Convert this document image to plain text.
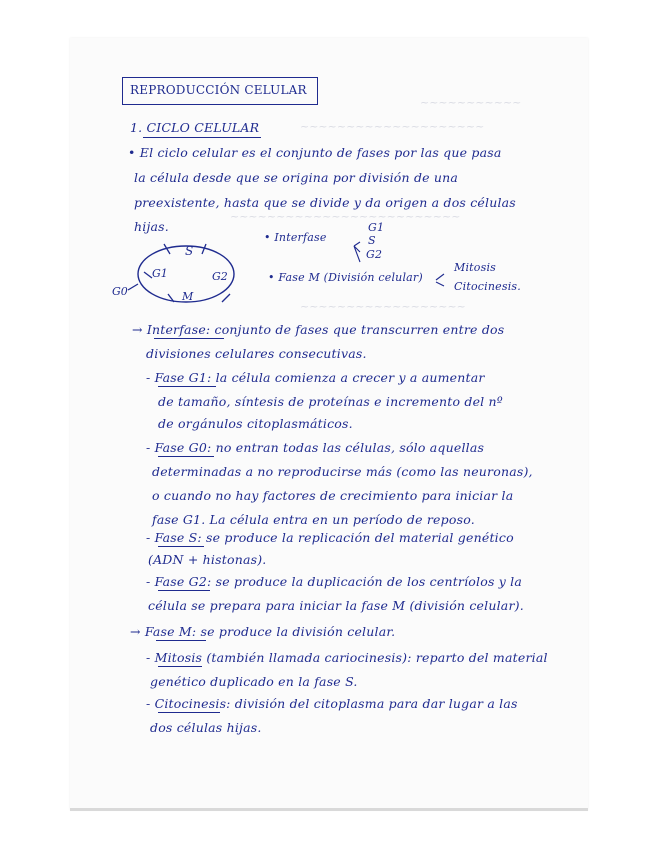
~~~~~~~~~~~
~~~~~~~~~~~~~~~~~~~~
~~~~~~~~~~~~~~~~~~~~~~~~~
~~~~~~~~~~~~~~~~~~
REPRODUCCIÓN CELULAR
1. CICLO CELULAR
• El ciclo celular es el conjunto de fases por las que pasa
la célula desde que se origina por división de una
preexistente, hasta que se divide y da origen a dos células
hijas.
S
G1	G2
M
G0
• Interfase
G1
S
G2
• Fase M (División celular)
Mitosis
Citocinesis.
→ Interfase: conjunto de fases que transcurren entre dos
divisiones celulares consecutivas.
- Fase G1: la célula comienza a crecer y a aumentar
de tamaño, síntesis de proteínas e incremento del nº
de orgánulos citoplasmáticos.
- Fase G0: no entran todas las células, sólo aquellas
determinadas a no reproducirse más (como las neuronas),
o cuando no hay factores de crecimiento para iniciar la
fase G1. La célula entra en un período de reposo.
- Fase S: se produce la replicación del material genético
(ADN + histonas).
- Fase G2: se produce la duplicación de los centríolos y la
célula se prepara para iniciar la fase M (división celular).
→ Fase M: se produce la división celular.
- Mitosis (también llamada cariocinesis): reparto del material
genético duplicado en la fase S.
- Citocinesis: división del citoplasma para dar lugar a las
dos células hijas.
